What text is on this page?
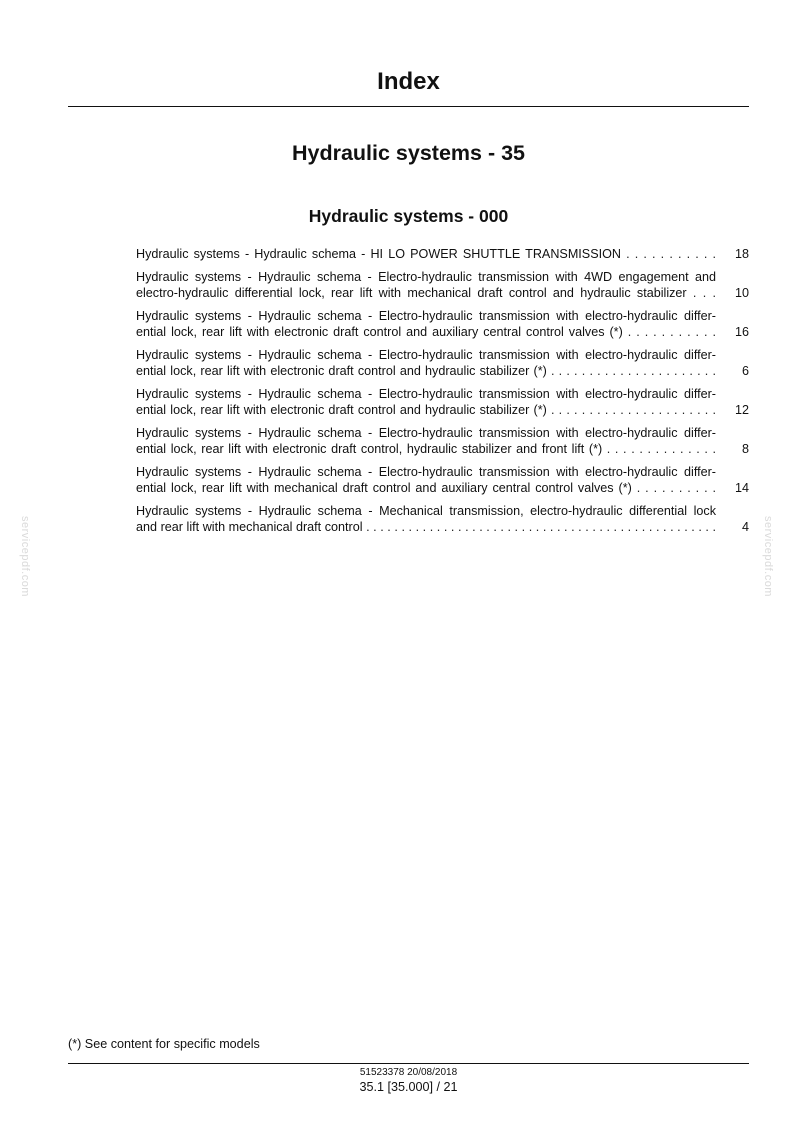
Index
Hydraulic systems - 35
Hydraulic systems - 000
Hydraulic systems - Hydraulic schema - HI LO POWER SHUTTLE TRANSMISSION . . . . . . . . . . . 18
Hydraulic systems - Hydraulic schema - Electro-hydraulic transmission with 4WD engagement and
electro-hydraulic differential lock, rear lift with mechanical draft control and hydraulic stabilizer . . . 10
Hydraulic systems - Hydraulic schema - Electro-hydraulic transmission with electro-hydraulic differ-
ential lock, rear lift with electronic draft control and auxiliary central control valves (*) . . . . . . . . . . . 16
Hydraulic systems - Hydraulic schema - Electro-hydraulic transmission with electro-hydraulic differ-
ential lock, rear lift with electronic draft control and hydraulic stabilizer (*) . . . . . . . . . . . . . . . . . . . . . . 6
Hydraulic systems - Hydraulic schema - Electro-hydraulic transmission with electro-hydraulic differ-
ential lock, rear lift with electronic draft control and hydraulic stabilizer (*) . . . . . . . . . . . . . . . . . . . . . . 12
Hydraulic systems - Hydraulic schema - Electro-hydraulic transmission with electro-hydraulic differ-
ential lock, rear lift with electronic draft control, hydraulic stabilizer and front lift (*) . . . . . . . . . . . . . . 8
Hydraulic systems - Hydraulic schema - Electro-hydraulic transmission with electro-hydraulic differ-
ential lock, rear lift with mechanical draft control and auxiliary central control valves (*) . . . . . . . . . . 14
Hydraulic systems - Hydraulic schema - Mechanical transmission, electro-hydraulic differential lock
and rear lift with mechanical draft control . . . . . . . . . . . . . . . . . . . . . . . . . . . . . . . . . . . . . . . . . . . . . . . . . . 4
servicepdf.com	servicepdf.com
(*) See content for specific models
51523378 20/08/2018
35.1 [35.000] / 21
